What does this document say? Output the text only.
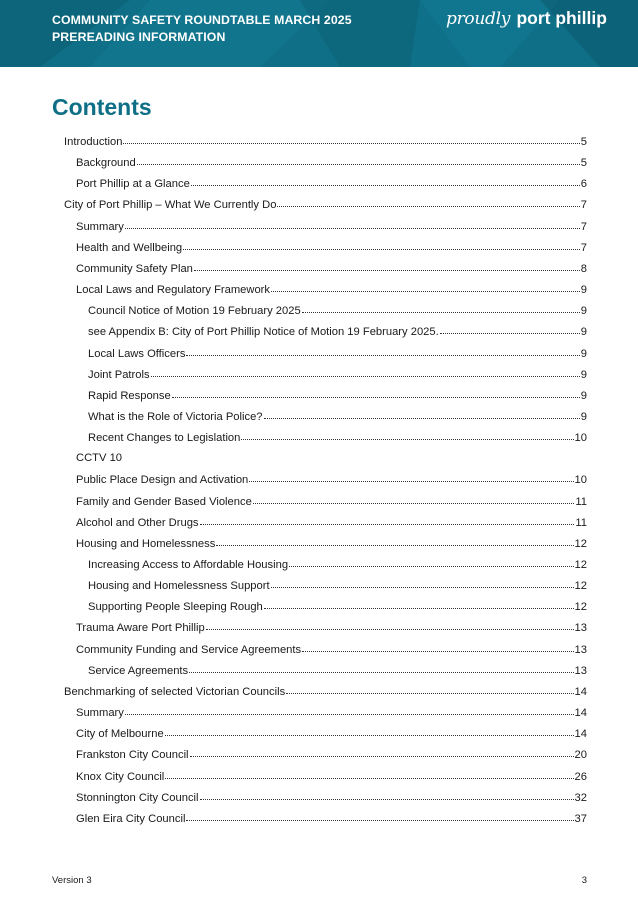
COMMUNITY SAFETY ROUNDTABLE MARCH 2025
PREREADING INFORMATION
proudly port phillip
Contents
Introduction	5
Background	5
Port Phillip at a Glance	6
City of Port Phillip – What We Currently Do	7
Summary	7
Health and Wellbeing	7
Community Safety Plan	8
Local Laws and Regulatory Framework	9
Council Notice of Motion 19 February 2025	9
see Appendix B: City of Port Phillip Notice of Motion 19 February 2025.	9
Local Laws Officers	9
Joint Patrols	9
Rapid Response	9
What is the Role of Victoria Police?	9
Recent Changes to Legislation	10
CCTV 10
Public Place Design and Activation	10
Family and Gender Based Violence	11
Alcohol and Other Drugs	11
Housing and Homelessness	12
Increasing Access to Affordable Housing	12
Housing and Homelessness Support	12
Supporting People Sleeping Rough	12
Trauma Aware Port Phillip	13
Community Funding and Service Agreements	13
Service Agreements	13
Benchmarking of selected Victorian Councils	14
Summary	14
City of Melbourne	14
Frankston City Council	20
Knox City Council	26
Stonnington City Council	32
Glen Eira City Council	37
Version 3	3
